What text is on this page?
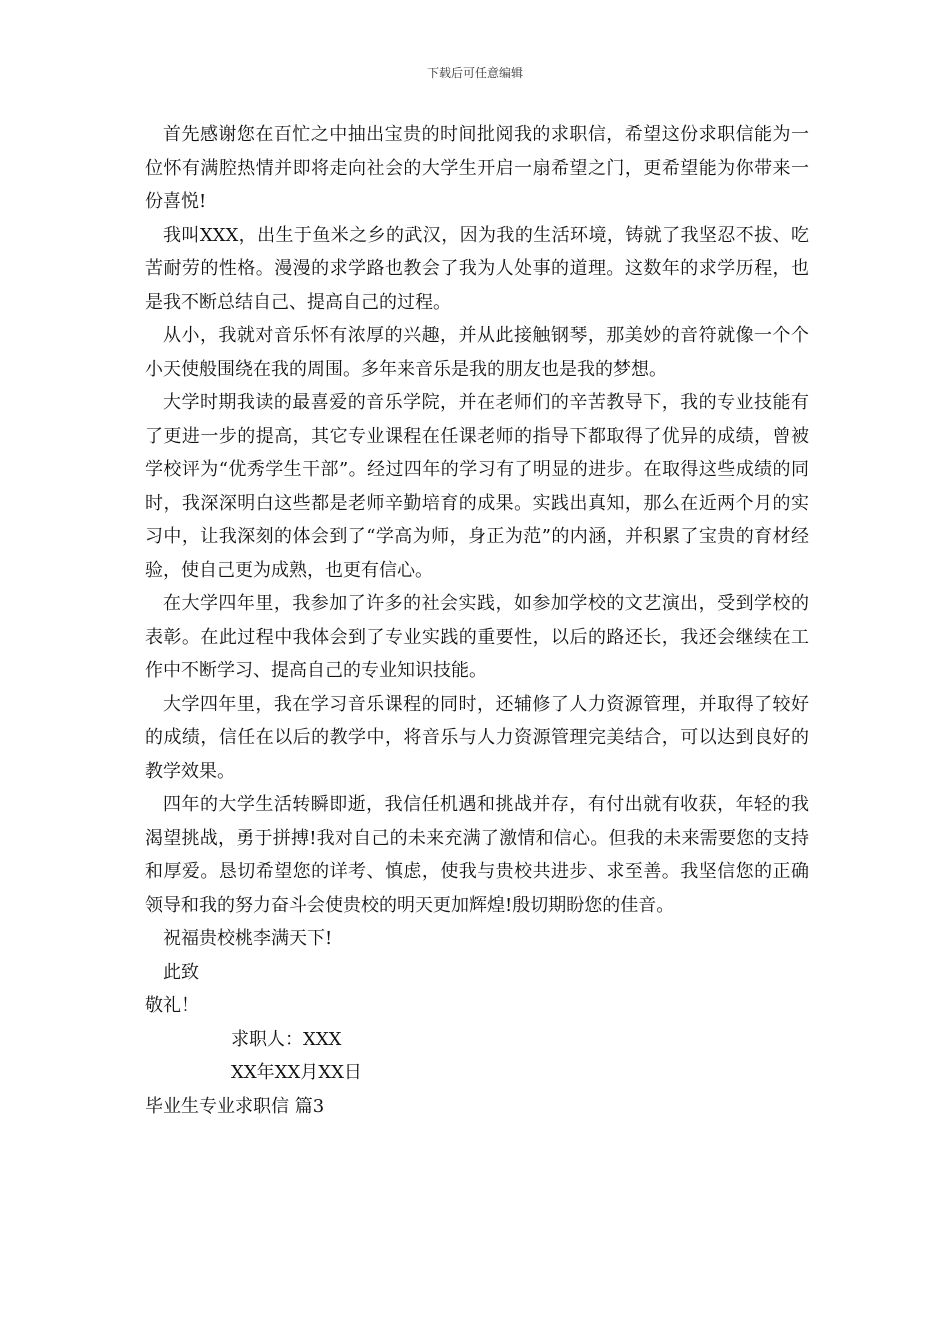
下载后可任意编辑

首先感谢您在百忙之中抽出宝贵的时间批阅我的求职信，希望这份求职信能为一位怀有满腔热情并即将走向社会的大学生开启一扇希望之门，更希望能为你带来一份喜悦!

我叫XXX，出生于鱼米之乡的武汉，因为我的生活环境，铸就了我坚忍不拔、吃苦耐劳的性格。漫漫的求学路也教会了我为人处事的道理。这数年的求学历程，也是我不断总结自己、提高自己的过程。

从小，我就对音乐怀有浓厚的兴趣，并从此接触钢琴，那美妙的音符就像一个个小天使般围绕在我的周围。多年来音乐是我的朋友也是我的梦想。

大学时期我读的最喜爱的音乐学院，并在老师们的辛苦教导下，我的专业技能有了更进一步的提高，其它专业课程在任课老师的指导下都取得了优异的成绩，曾被学校评为“优秀学生干部”。经过四年的学习有了明显的进步。在取得这些成绩的同时，我深深明白这些都是老师辛勤培育的成果。实践出真知，那么在近两个月的实习中，让我深刻的体会到了“学高为师，身正为范”的内涵，并积累了宝贵的育材经验，使自己更为成熟，也更有信心。

在大学四年里，我参加了许多的社会实践，如参加学校的文艺演出，受到学校的表彰。在此过程中我体会到了专业实践的重要性，以后的路还长，我还会继续在工作中不断学习、提高自己的专业知识技能。

大学四年里，我在学习音乐课程的同时，还辅修了人力资源管理，并取得了较好的成绩，信任在以后的教学中，将音乐与人力资源管理完美结合，可以达到良好的教学效果。

四年的大学生活转瞬即逝，我信任机遇和挑战并存，有付出就有收获，年轻的我渴望挑战，勇于拼搏!我对自己的未来充满了激情和信心。但我的未来需要您的支持和厚爱。恳切希望您的详考、慎虑，使我与贵校共进步、求至善。我坚信您的正确领导和我的努力奋斗会使贵校的明天更加辉煌!殷切期盼您的佳音。

祝福贵校桃李满天下!

此致

敬礼！

求职人：XXX

XX年XX月XX日

毕业生专业求职信 篇3
